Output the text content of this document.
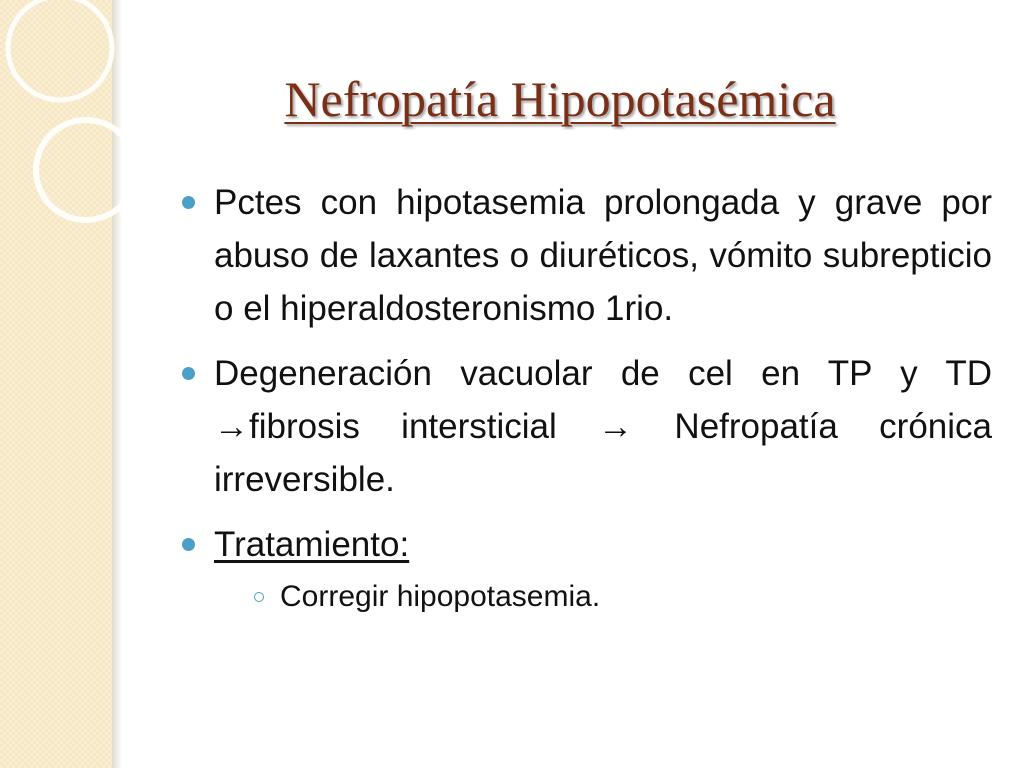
Nefropatía Hipopotasémica
Pctes con hipotasemia prolongada y grave por abuso de laxantes o diuréticos, vómito subrepticio o el hiperaldosteronismo 1rio.
Degeneración vacuolar de cel en TP y TD →fibrosis intersticial → Nefropatía crónica irreversible.
Tratamiento:
Corregir hipopotasemia.
